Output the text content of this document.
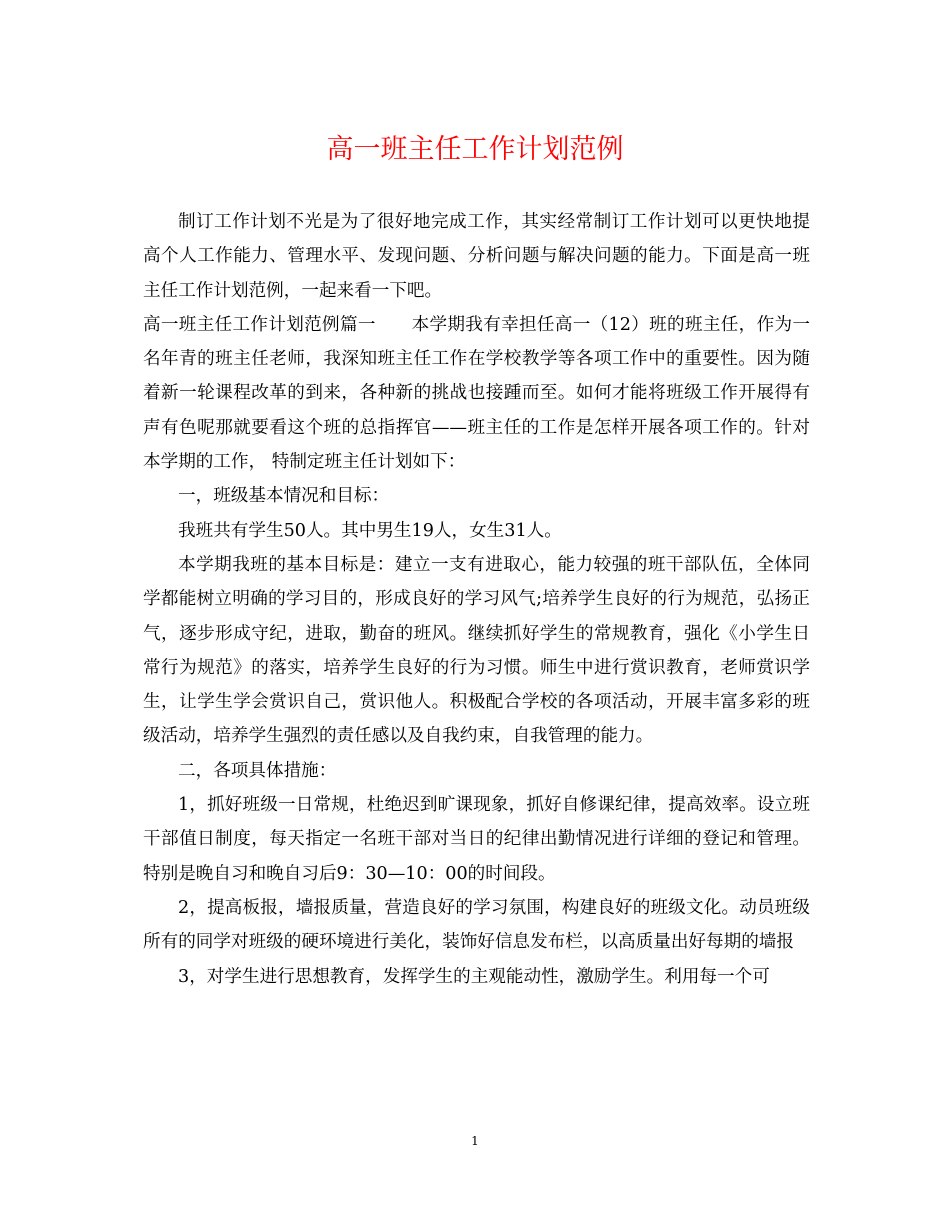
高一班主任工作计划范例

制订工作计划不光是为了很好地完成工作，其实经常制订工作计划可以更快地提高个人工作能力、管理水平、发现问题、分析问题与解决问题的能力。下面是高一班主任工作计划范例，一起来看一下吧。

高一班主任工作计划范例篇一　　本学期我有幸担任高一（12）班的班主任，作为一名年青的班主任老师，我深知班主任工作在学校教学等各项工作中的重要性。因为随着新一轮课程改革的到来，各种新的挑战也接踵而至。如何才能将班级工作开展得有声有色呢那就要看这个班的总指挥官——班主任的工作是怎样开展各项工作的。针对本学期的工作， 特制定班主任计划如下：

一，班级基本情况和目标：

我班共有学生50人。其中男生19人，女生31人。

本学期我班的基本目标是：建立一支有进取心，能力较强的班干部队伍，全体同学都能树立明确的学习目的，形成良好的学习风气;培养学生良好的行为规范，弘扬正气，逐步形成守纪，进取，勤奋的班风。继续抓好学生的常规教育，强化《小学生日常行为规范》的落实，培养学生良好的行为习惯。师生中进行赏识教育，老师赏识学生，让学生学会赏识自己，赏识他人。积极配合学校的各项活动，开展丰富多彩的班级活动，培养学生强烈的责任感以及自我约束，自我管理的能力。

二，各项具体措施：

1，抓好班级一日常规，杜绝迟到旷课现象，抓好自修课纪律，提高效率。设立班干部值日制度，每天指定一名班干部对当日的纪律出勤情况进行详细的登记和管理。特别是晚自习和晚自习后9：30—10：00的时间段。

2，提高板报，墙报质量，营造良好的学习氛围，构建良好的班级文化。动员班级所有的同学对班级的硬环境进行美化，装饰好信息发布栏，以高质量出好每期的墙报

3，对学生进行思想教育，发挥学生的主观能动性，激励学生。利用每一个可

1
